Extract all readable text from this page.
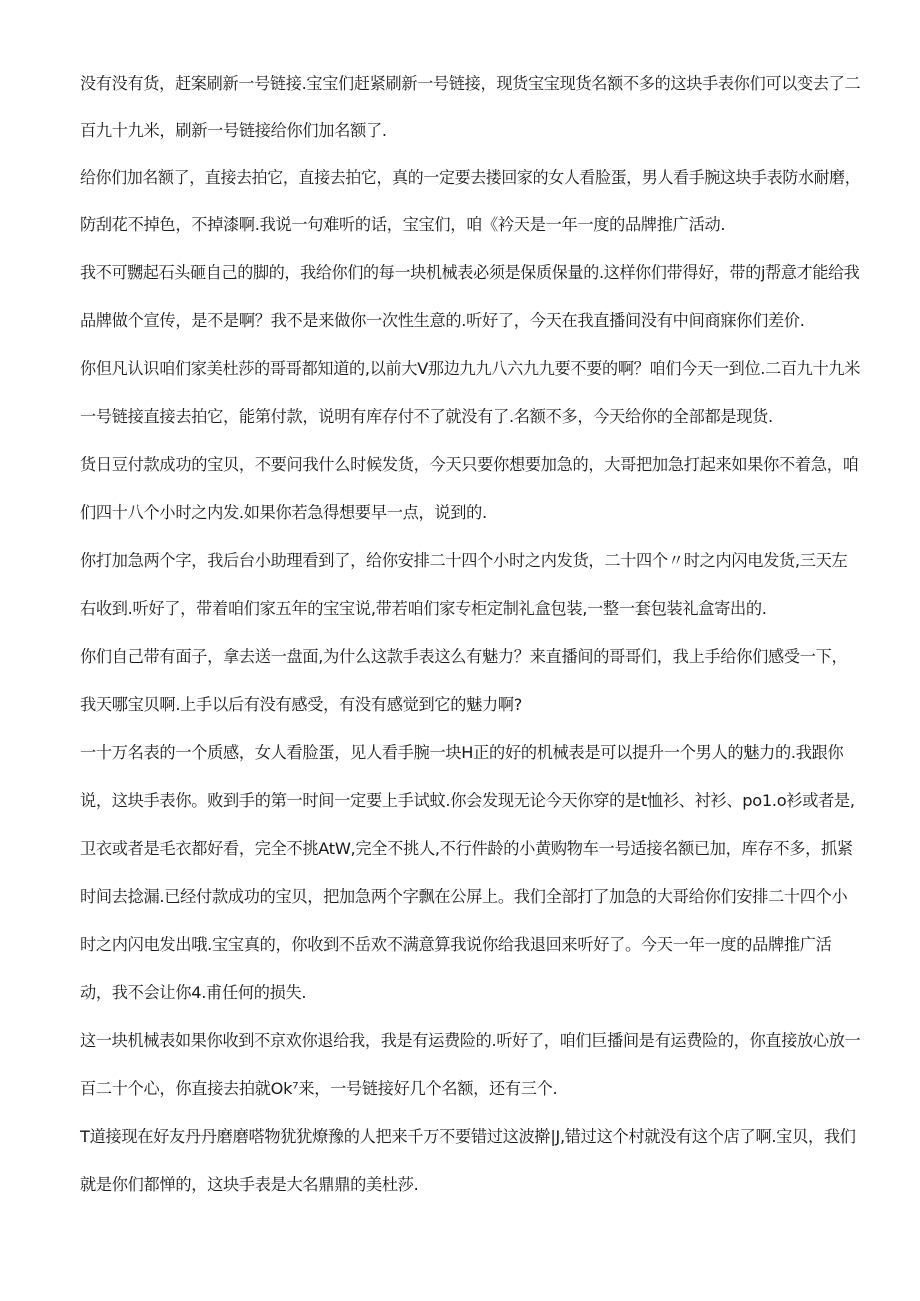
没有没有货，赶案刷新一号链接.宝宝们赶紧刷新一号链接，现货宝宝现货名额不多的这块手表你们可以变去了二
百九十九米，刷新一号链接给你们加名额了.
给你们加名额了，直接去拍它，直接去拍它，真的一定要去搂回家的女人看脸蛋，男人看手腕这块手表防水耐磨，
防刮花不掉色，不掉漆啊.我说一句难听的话，宝宝们，咱《衿天是一年一度的品牌推广活动.
我不可嬲起石头砸自己的脚的，我给你们的每一块机械表必须是保质保量的.这样你们带得好，带的j帮意才能给我
品牌做个宣传，是不是啊？我不是来做你一次性生意的.听好了，今天在我直播间没有中间商寐你们差价.
你但凡认识咱们家美杜莎的哥哥都知道的,以前大V那边九九八六九九要不要的啊？咱们今天一到位.二百九十九米
一号链接直接去拍它，能第付款，说明有库存付不了就没有了.名额不多，今天给你的全部都是现货.
货日豆付款成功的宝贝，不要问我什么时候发货，今天只要你想要加急的，大哥把加急打起来如果你不着急，咱
们四十八个小时之内发.如果你若急得想要早一点，说到的.
你打加急两个字，我后台小助理看到了，给你安排二十四个小时之内发货，二十四个〃时之内闪电发货,三天左
右收到.听好了，带着咱们家五年的宝宝说,带若咱们家专柜定制礼盒包装,一整一套包装礼盒寄出的.
你们自己带有面子，拿去送一盘面,为什么这款手表这么有魅力？来直播间的哥哥们，我上手给你们感受一下，
我天哪宝贝啊.上手以后有没有感受，有没有感觉到它的魅力啊?
一十万名表的一个质感，女人看脸蛋，见人看手腕一块H正的好的机械表是可以提升一个男人的魅力的.我跟你
说，这块手表你。败到手的第一时间一定要上手试蚊.你会发现无论今天你穿的是t恤衫、衬衫、po1.o衫或者是,
卫衣或者是毛衣都好看，完全不挑AtW,完全不挑人,不行件龄的小黄购物车一号适接名额已加，库存不多，抓紧
时间去捻漏.已经付款成功的宝贝，把加急两个字飘在公屏上。我们全部打了加急的大哥给你们安排二十四个小
时之内闪电发出哦.宝宝真的，你收到不岳欢不满意算我说你给我退回来听好了。今天一年一度的品牌推广活
动，我不会让你4.甫任何的损失.
这一块机械表如果你收到不京欢你退给我，我是有运费险的.听好了，咱们巨播间是有运费险的，你直接放心放一
百二十个心，你直接去拍就Ok⁷来，一号链接好几个名额，还有三个.
T道接现在好友丹丹磨磨嗒物犹犹燎豫的人把来千万不要错过这波擀|J,错过这个村就没有这个店了啊.宝贝，我们
就是你们都惮的，这块手表是大名鼎鼎的美杜莎.
